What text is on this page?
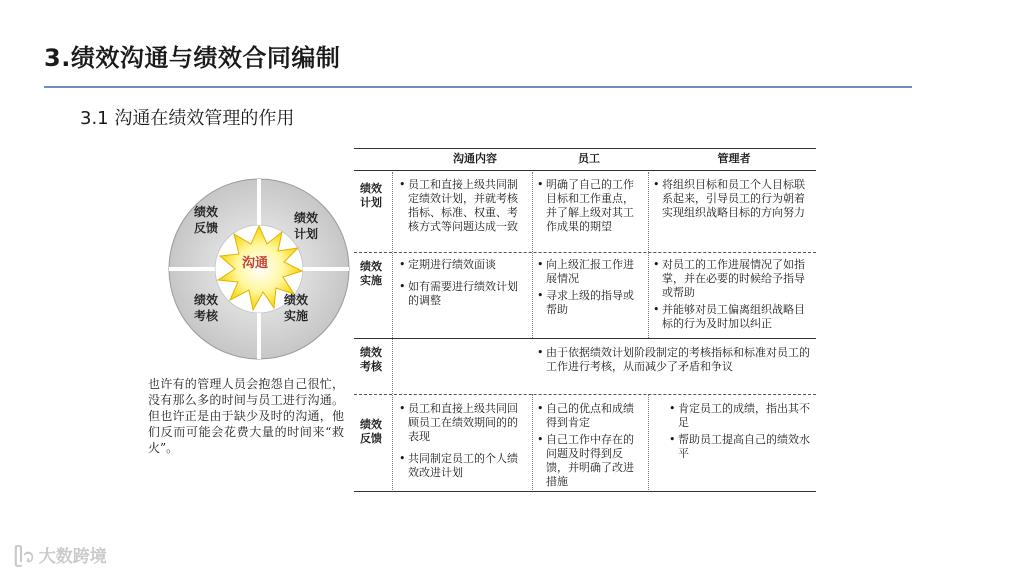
3.绩效沟通与绩效合同编制
3.1 沟通在绩效管理的作用
绩效
计划
绩效
实施
绩效
考核
绩效
反馈
沟通
也许有的管理人员会抱怨自己很忙，没有那么多的时间与员工进行沟通。但也许正是由于缺少及时的沟通，他们反而可能会花费大量的时间来“救火”。
沟通内容	员工	管理者
绩效计划
• 员工和直接上级共同制定绩效计划，并就考核指标、标准、权重、考核方式等问题达成一致
• 明确了自己的工作目标和工作重点，并了解上级对其工作成果的期望
• 将组织目标和员工个人目标联系起来，引导员工的行为朝着实现组织战略目标的方向努力
绩效实施
• 定期进行绩效面谈
• 如有需要进行绩效计划的调整
• 向上级汇报工作进展情况
• 寻求上级的指导或帮助
• 对员工的工作进展情况了如指掌，并在必要的时候给予指导或帮助
• 并能够对员工偏离组织战略目标的行为及时加以纠正
绩效考核
• 由于依据绩效计划阶段制定的考核指标和标准对员工的工作进行考核，从而减少了矛盾和争议
绩效反馈
• 员工和直接上级共同回顾员工在绩效期间的的表现
• 共同制定员工的个人绩效改进计划
• 自己的优点和成绩得到肯定
• 自己工作中存在的问题及时得到反馈，并明确了改进措施
• 肯定员工的成绩，指出其不足
• 帮助员工提高自己的绩效水平
ᥫ᭡ 大数跨境
